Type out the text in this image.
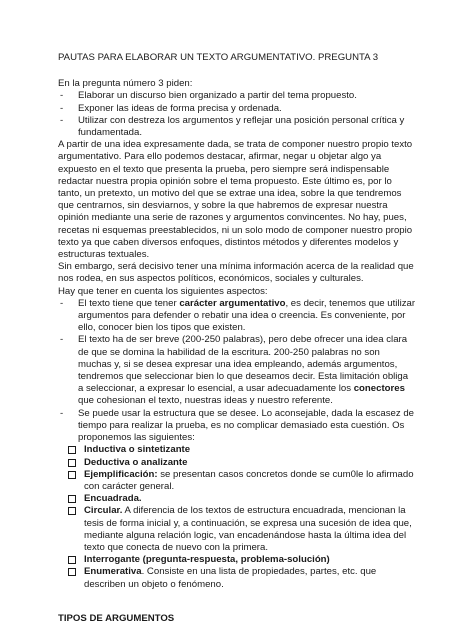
PAUTAS PARA ELABORAR UN TEXTO ARGUMENTATIVO. PREGUNTA 3

En la pregunta número 3 piden:

- Elaborar un discurso bien organizado a partir del tema propuesto.
- Exponer las ideas de forma precisa y ordenada.
- Utilizar con destreza los argumentos y reflejar una posición personal crítica y fundamentada.

A partir de una idea expresamente dada, se trata de componer nuestro propio texto argumentativo. Para ello podemos destacar, afirmar, negar u objetar algo ya expuesto en el texto que presenta la prueba, pero siempre será indispensable redactar nuestra propia opinión sobre el tema propuesto. Este último es, por lo tanto, un pretexto, un motivo del que se extrae una idea, sobre la que tendremos que centrarnos, sin desviarnos, y sobre la que habremos de expresar nuestra opinión mediante una serie de razones y argumentos convincentes. No hay, pues, recetas ni esquemas preestablecidos, ni un solo modo de componer nuestro propio texto ya que caben diversos enfoques, distintos métodos y diferentes modelos y estructuras textuales.

Sin embargo, será decisivo tener una mínima información acerca de la realidad que nos rodea, en sus aspectos políticos, económicos, sociales y culturales.

Hay que tener en cuenta los siguientes aspectos:

- El texto tiene que tener carácter argumentativo, es decir, tenemos que utilizar argumentos para defender o rebatir una idea o creencia. Es conveniente, por ello, conocer bien los tipos que existen.
- El texto ha de ser breve (200-250 palabras), pero debe ofrecer una idea clara de que se domina la habilidad de la escritura. 200-250 palabras no son muchas y, si se desea expresar una idea empleando, además argumentos, tendremos que seleccionar bien lo que deseamos decir. Esta limitación obliga a seleccionar, a expresar lo esencial, a usar adecuadamente los conectores que cohesionan el texto, nuestras ideas y nuestro referente.
- Se puede usar la estructura que se desee. Lo aconsejable, dada la escasez de tiempo para realizar la prueba, es no complicar demasiado esta cuestión. Os proponemos las siguientes:
Inductiva o sintetizante
Deductiva o analizante
Ejemplificación: se presentan casos concretos donde se cum0le lo afirmado con carácter general.
Encuadrada.
Circular. A diferencia de los textos de estructura encuadrada, mencionan la tesis de forma inicial y, a continuación, se expresa una sucesión de idea que, mediante alguna relación logic, van encadenándose hasta la última idea del texto que conecta de nuevo con la primera.
Interrogante (pregunta-respuesta, problema-solución)
Enumerativa. Consiste en una lista de propiedades, partes, etc. que describen un objeto o fenómeno.

TIPOS DE ARGUMENTOS
